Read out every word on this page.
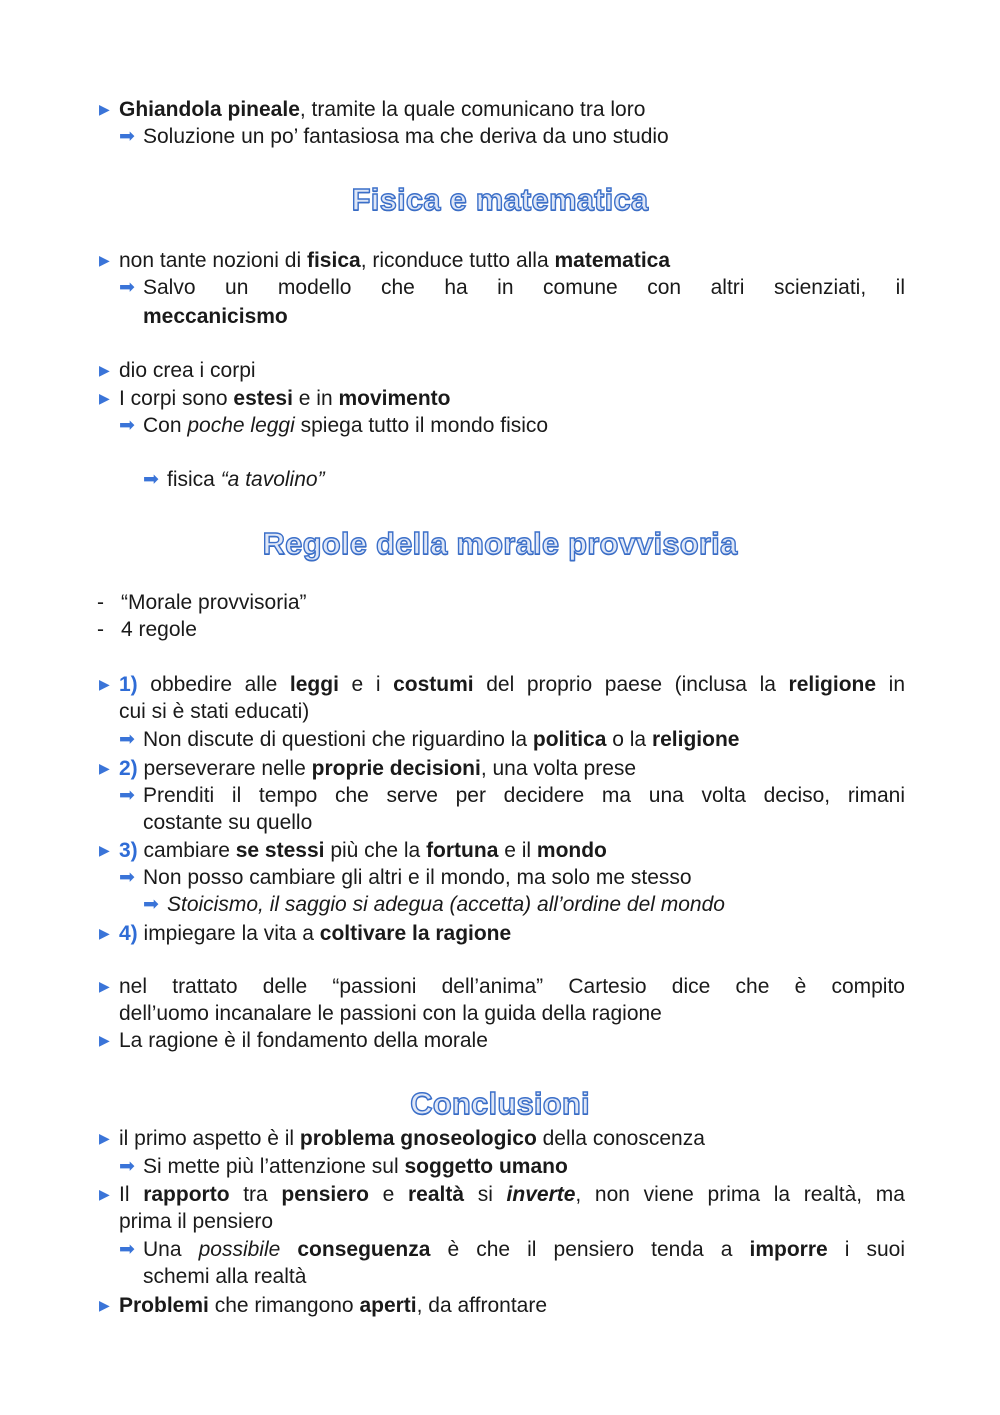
▶ Ghiandola pineale, tramite la quale comunicano tra loro
➡ Soluzione un po’ fantasiosa ma che deriva da uno studio
Fisica e matematica
▶ non tante nozioni di fisica, riconduce tutto alla matematica
➡ Salvo un modello che ha in comune con altri scienziati, il
meccanicismo
▶ dio crea i corpi
▶ I corpi sono estesi e in movimento
➡ Con poche leggi spiega tutto il mondo fisico
➡ fisica “a tavolino”
Regole della morale provvisoria
- “Morale provvisoria”
- 4 regole
▶ 1) obbedire alle leggi e i costumi del proprio paese (inclusa la religione in
cui si è stati educati)
➡ Non discute di questioni che riguardino la politica o la religione
▶ 2) perseverare nelle proprie decisioni, una volta prese
➡ Prenditi il tempo che serve per decidere ma una volta deciso, rimani
costante su quello
▶ 3) cambiare se stessi più che la fortuna e il mondo
➡ Non posso cambiare gli altri e il mondo, ma solo me stesso
➡ Stoicismo, il saggio si adegua (accetta) all’ordine del mondo
▶ 4) impiegare la vita a coltivare la ragione
▶ nel trattato delle “passioni dell’anima” Cartesio dice che è compito
dell’uomo incanalare le passioni con la guida della ragione
▶ La ragione è il fondamento della morale
Conclusioni
▶ il primo aspetto è il problema gnoseologico della conoscenza
➡ Si mette più l’attenzione sul soggetto umano
▶ Il rapporto tra pensiero e realtà si inverte, non viene prima la realtà, ma
prima il pensiero
➡ Una possibile conseguenza è che il pensiero tenda a imporre i suoi
schemi alla realtà
▶ Problemi che rimangono aperti, da affrontare
